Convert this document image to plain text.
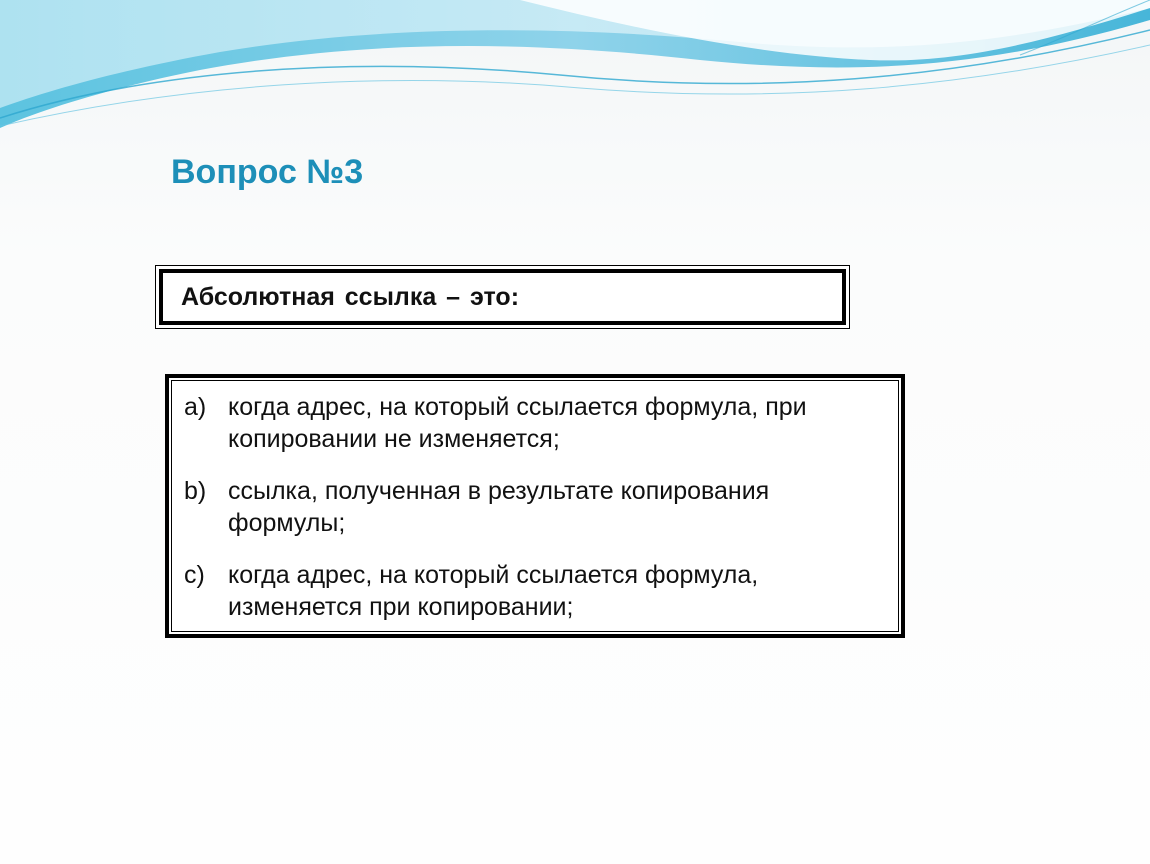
Вопрос №3
Абсолютная ссылка – это:
a) когда адрес, на который ссылается формула, при
копировании не изменяется;
b) ссылка, полученная в результате копирования
формулы;
c) когда адрес, на который ссылается формула,
изменяется при копировании;
